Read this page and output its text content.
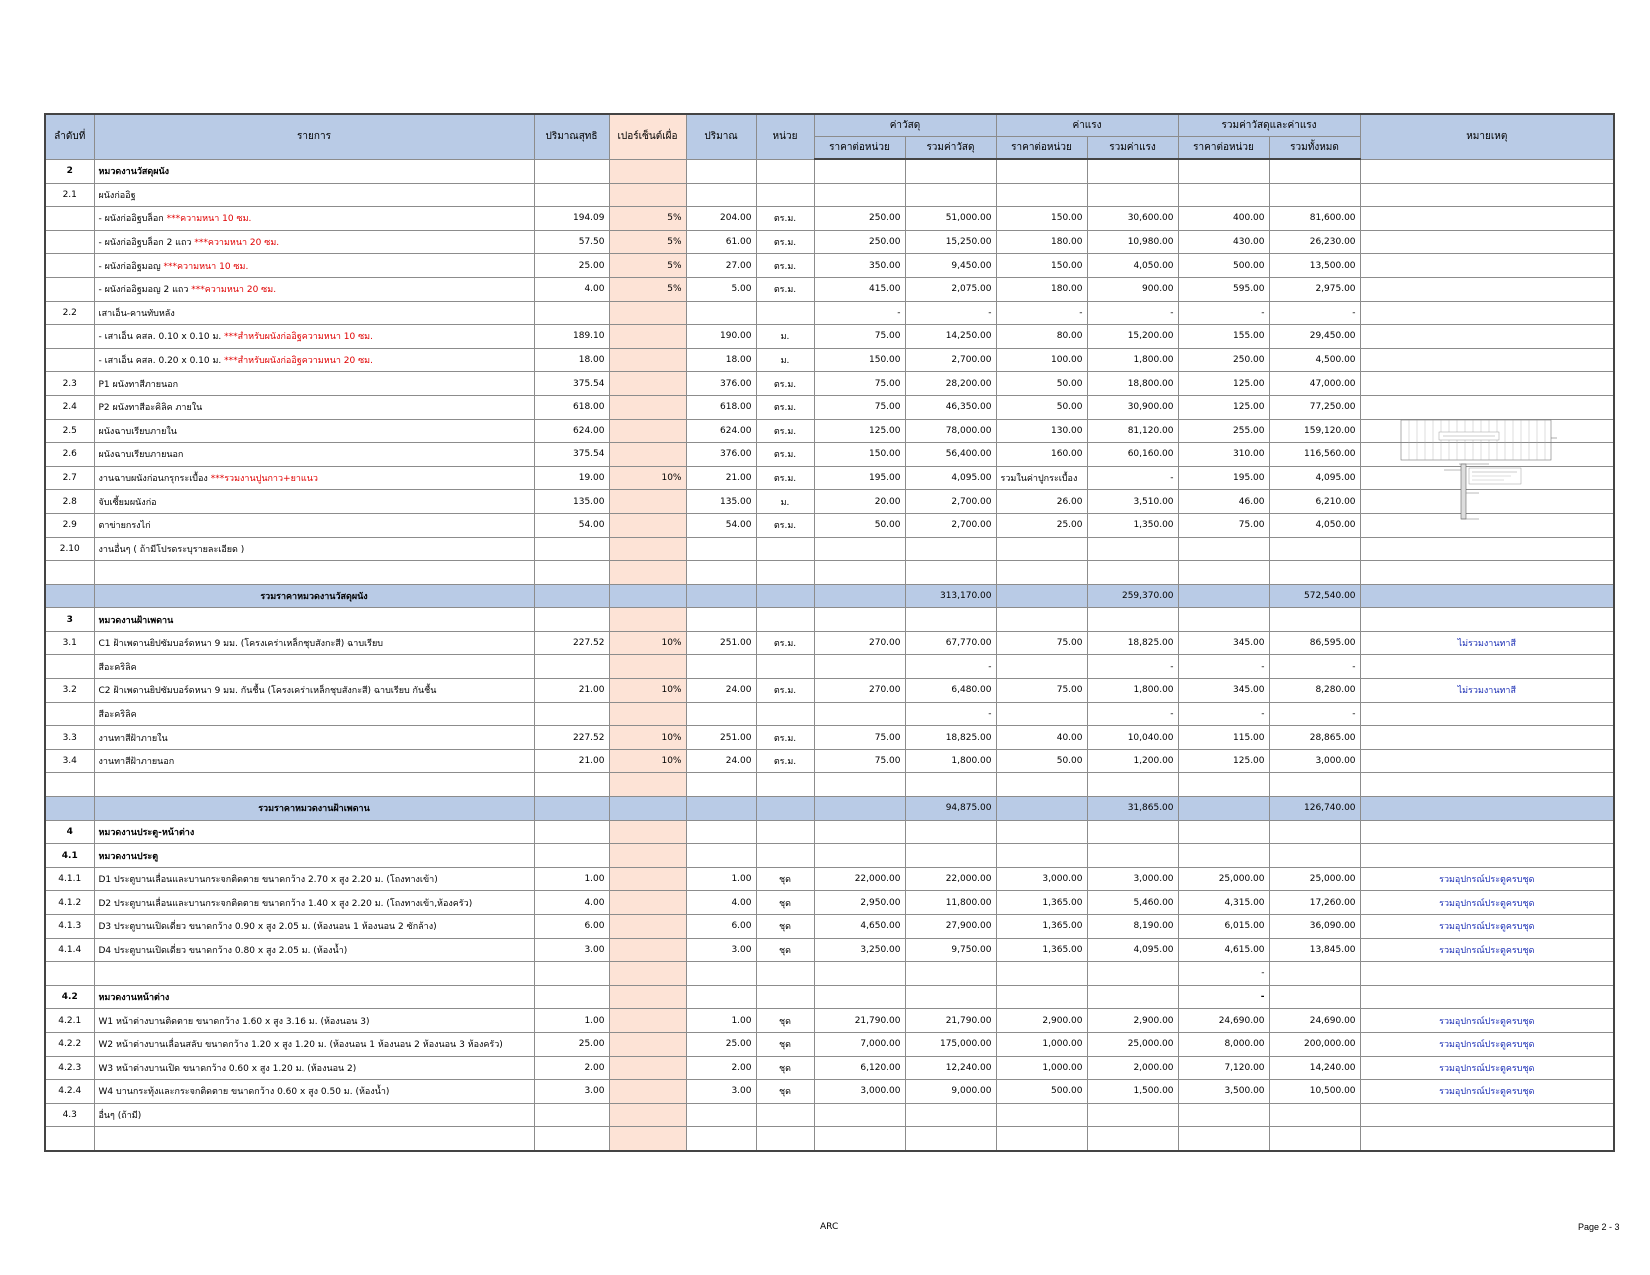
ลำดับที่	รายการ	ปริมาณสุทธิ	เปอร์เซ็นต์เผื่อ	ปริมาณ	หน่วย	ค่าวัสดุ		ค่าแรง		รวมค่าวัสดุและค่าแรง		หมายเหตุ
						ราคาต่อหน่วย	รวมค่าวัสดุ	ราคาต่อหน่วย	รวมค่าแรง	ราคาต่อหน่วย	รวมทั้งหมด	
2	หมวดงานวัสดุผนัง											
2.1	ผนังก่ออิฐ											
	- ผนังก่ออิฐบล็อก ***ความหนา 10 ซม.	194.09	5%	204.00	ตร.ม.	250.00	51,000.00	150.00	30,600.00	400.00	81,600.00	
	- ผนังก่ออิฐบล็อก 2 แถว ***ความหนา 20 ซม.	57.50	5%	61.00	ตร.ม.	250.00	15,250.00	180.00	10,980.00	430.00	26,230.00	
	- ผนังก่ออิฐมอญ ***ความหนา 10 ซม.	25.00	5%	27.00	ตร.ม.	350.00	9,450.00	150.00	4,050.00	500.00	13,500.00	
	- ผนังก่ออิฐมอญ 2 แถว ***ความหนา 20 ซม.	4.00	5%	5.00	ตร.ม.	415.00	2,075.00	180.00	900.00	595.00	2,975.00	
2.2	เสาเอ็น-คานทับหลัง					-	-	-	-	-	-	
	- เสาเอ็น คสล. 0.10 x 0.10 ม. ***สำหรับผนังก่ออิฐความหนา 10 ซม.	189.10		190.00	ม.	75.00	14,250.00	80.00	15,200.00	155.00	29,450.00	
	- เสาเอ็น คสล. 0.20 x 0.10 ม. ***สำหรับผนังก่ออิฐความหนา 20 ซม.	18.00		18.00	ม.	150.00	2,700.00	100.00	1,800.00	250.00	4,500.00	
2.3	P1 ผนังทาสีภายนอก	375.54		376.00	ตร.ม.	75.00	28,200.00	50.00	18,800.00	125.00	47,000.00	
2.4	P2 ผนังทาสีอะคิลิค ภายใน	618.00		618.00	ตร.ม.	75.00	46,350.00	50.00	30,900.00	125.00	77,250.00	
2.5	ผนังฉาบเรียบภายใน	624.00		624.00	ตร.ม.	125.00	78,000.00	130.00	81,120.00	255.00	159,120.00	
2.6	ผนังฉาบเรียบภายนอก	375.54		376.00	ตร.ม.	150.00	56,400.00	160.00	60,160.00	310.00	116,560.00	
2.7	งานฉาบผนังก่อนกรุกระเบื้อง ***รวมงานปูนกาว+ยาแนว	19.00	10%	21.00	ตร.ม.	195.00	4,095.00	รวมในค่าปูกระเบื้อง	-	195.00	4,095.00	
2.8	จับเซี้ยมผนังก่อ	135.00		135.00	ม.	20.00	2,700.00	26.00	3,510.00	46.00	6,210.00	
2.9	ตาข่ายกรงไก่	54.00		54.00	ตร.ม.	50.00	2,700.00	25.00	1,350.00	75.00	4,050.00	
2.10	งานอื่นๆ ( ถ้ามีโปรดระบุรายละเอียด )											

	รวมราคาหมวดงานวัสดุผนัง						313,170.00		259,370.00		572,540.00	
3	หมวดงานฝ้าเพดาน											
3.1	C1 ฝ้าเพดานยิปซัมบอร์ดหนา 9 มม. (โครงเคร่าเหล็กชุบสังกะสี) ฉาบเรียบ	227.52	10%	251.00	ตร.ม.	270.00	67,770.00	75.00	18,825.00	345.00	86,595.00	ไม่รวมงานทาสี
	สีอะคริลิค						-		-	-	-	
3.2	C2 ฝ้าเพดานยิปซัมบอร์ดหนา 9 มม. กันชื้น (โครงเคร่าเหล็กชุบสังกะสี) ฉาบเรียบ กันชื้น	21.00	10%	24.00	ตร.ม.	270.00	6,480.00	75.00	1,800.00	345.00	8,280.00	ไม่รวมงานทาสี
	สีอะคริลิค						-		-	-	-	
3.3	งานทาสีฝ้าภายใน	227.52	10%	251.00	ตร.ม.	75.00	18,825.00	40.00	10,040.00	115.00	28,865.00	
3.4	งานทาสีฝ้าภายนอก	21.00	10%	24.00	ตร.ม.	75.00	1,800.00	50.00	1,200.00	125.00	3,000.00	

	รวมราคาหมวดงานฝ้าเพดาน						94,875.00		31,865.00		126,740.00	
4	หมวดงานประตู-หน้าต่าง											
4.1	หมวดงานประตู											
4.1.1	D1 ประตูบานเลื่อนและบานกระจกติดตาย ขนาดกว้าง 2.70 x สูง 2.20 ม. (โถงทางเข้า)	1.00		1.00	ชุด	22,000.00	22,000.00	3,000.00	3,000.00	25,000.00	25,000.00	รวมอุปกรณ์ประตูครบชุด
4.1.2	D2 ประตูบานเลื่อนและบานกระจกติดตาย ขนาดกว้าง 1.40 x สูง 2.20 ม. (โถงทางเข้า,ห้องครัว)	4.00		4.00	ชุด	2,950.00	11,800.00	1,365.00	5,460.00	4,315.00	17,260.00	รวมอุปกรณ์ประตูครบชุด
4.1.3	D3 ประตูบานเปิดเดี่ยว ขนาดกว้าง 0.90 x สูง 2.05 ม. (ห้องนอน 1 ห้องนอน 2 ซักล้าง)	6.00		6.00	ชุด	4,650.00	27,900.00	1,365.00	8,190.00	6,015.00	36,090.00	รวมอุปกรณ์ประตูครบชุด
4.1.4	D4 ประตูบานเปิดเดี่ยว ขนาดกว้าง 0.80 x สูง 2.05 ม. (ห้องน้ำ)	3.00		3.00	ชุด	3,250.00	9,750.00	1,365.00	4,095.00	4,615.00	13,845.00	รวมอุปกรณ์ประตูครบชุด
										-		
4.2	หมวดงานหน้าต่าง									-		
4.2.1	W1 หน้าต่างบานติดตาย ขนาดกว้าง 1.60 x สูง 3.16 ม. (ห้องนอน 3)	1.00		1.00	ชุด	21,790.00	21,790.00	2,900.00	2,900.00	24,690.00	24,690.00	รวมอุปกรณ์ประตูครบชุด
4.2.2	W2 หน้าต่างบานเลื่อนสลับ ขนาดกว้าง 1.20 x สูง 1.20 ม. (ห้องนอน 1 ห้องนอน 2 ห้องนอน 3 ห้องครัว)	25.00		25.00	ชุด	7,000.00	175,000.00	1,000.00	25,000.00	8,000.00	200,000.00	รวมอุปกรณ์ประตูครบชุด
4.2.3	W3 หน้าต่างบานเปิด ขนาดกว้าง 0.60 x สูง 1.20 ม. (ห้องนอน 2)	2.00		2.00	ชุด	6,120.00	12,240.00	1,000.00	2,000.00	7,120.00	14,240.00	รวมอุปกรณ์ประตูครบชุด
4.2.4	W4 บานกระทุ้งและกระจกติดตาย ขนาดกว้าง 0.60 x สูง 0.50 ม. (ห้องน้ำ)	3.00		3.00	ชุด	3,000.00	9,000.00	500.00	1,500.00	3,500.00	10,500.00	รวมอุปกรณ์ประตูครบชุด
4.3	อื่นๆ (ถ้ามี)											

ARC	Page 2 - 3
